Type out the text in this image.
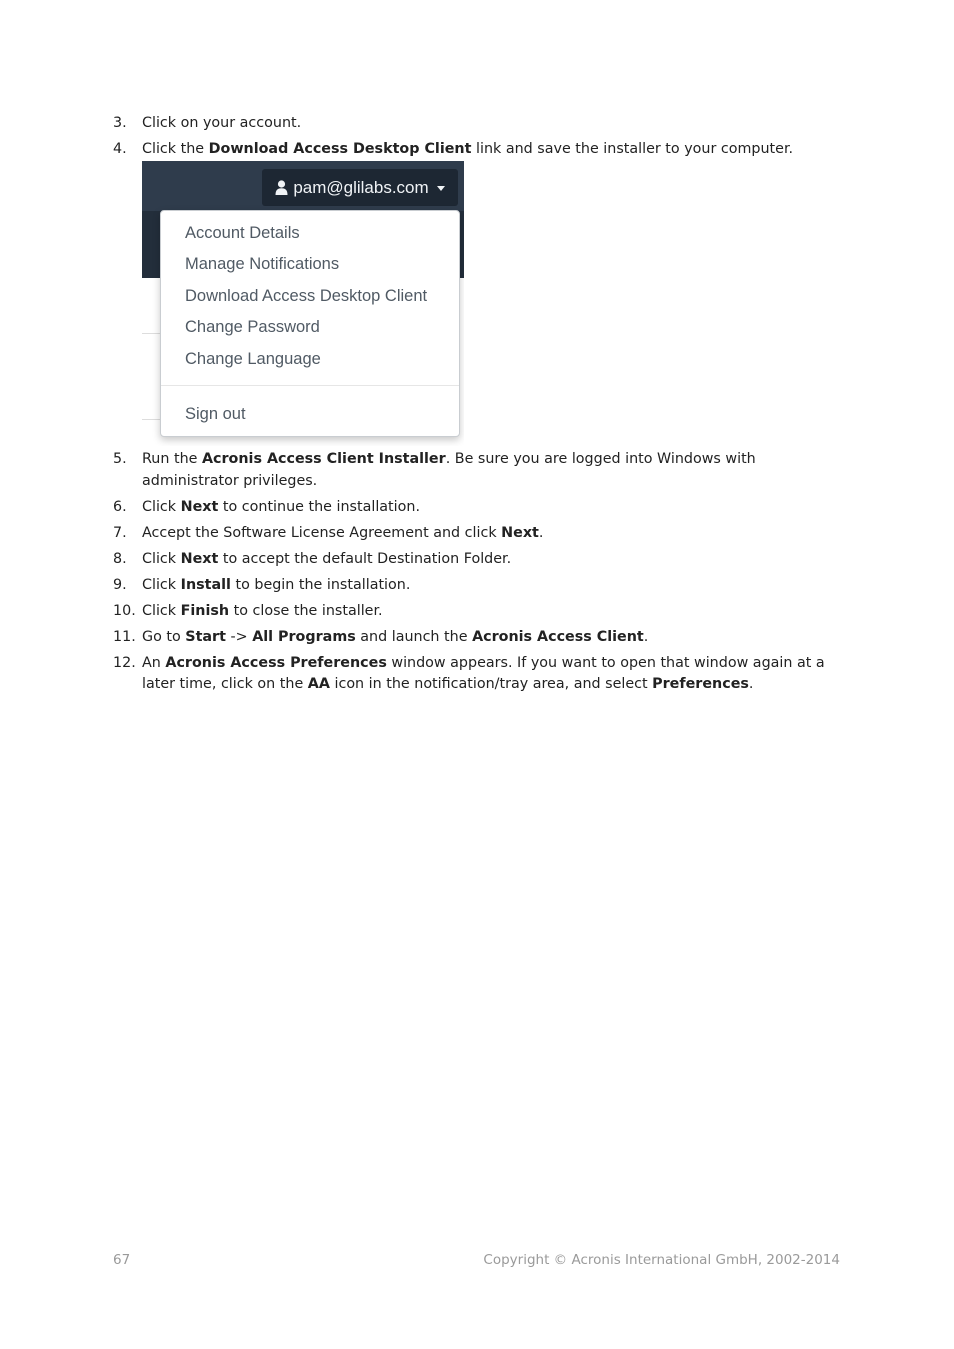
3.	Click on your account.
4.	Click the Download Access Desktop Client link and save the installer to your computer.
pam@glilabs.com
Account Details
Manage Notifications
Download Access Desktop Client
Change Password
Change Language
Sign out
5.	Run the Acronis Access Client Installer. Be sure you are logged into Windows with administrator privileges.
6.	Click Next to continue the installation.
7.	Accept the Software License Agreement and click Next.
8.	Click Next to accept the default Destination Folder.
9.	Click Install to begin the installation.
10. Click Finish to close the installer.
11. Go to Start -> All Programs and launch the Acronis Access Client.
12. An Acronis Access Preferences window appears. If you want to open that window again at a later time, click on the AA icon in the notification/tray area, and select Preferences.
67	Copyright © Acronis International GmbH, 2002-2014
